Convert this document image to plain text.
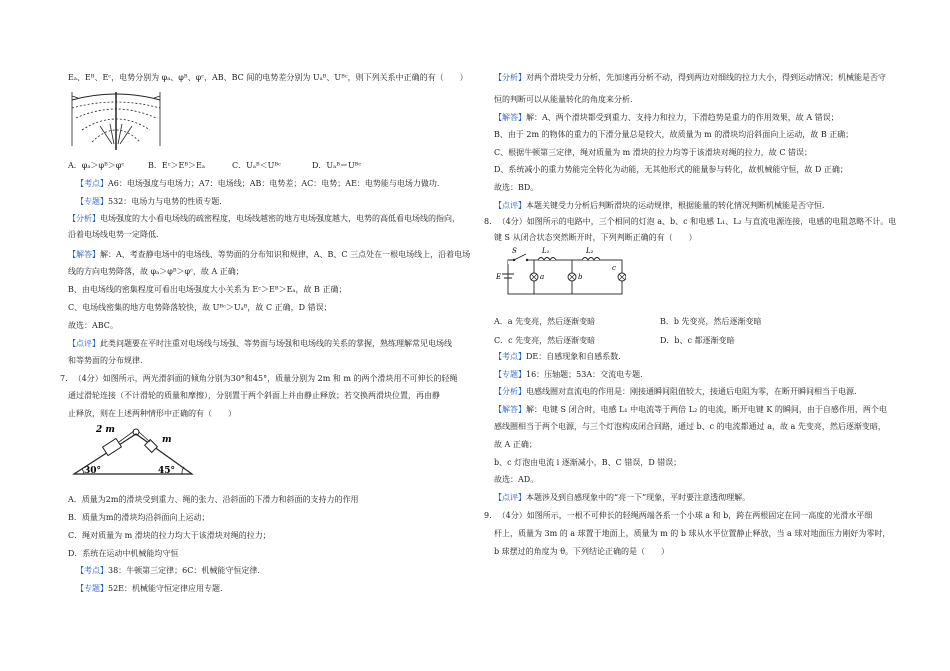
Eₐ、Eᴮ、Eᶜ，电势分别为 φₐ、φᴮ、φᶜ，AB、BC 间的电势差分别为 Uₐᴮ、Uᴮᶜ，则下列关系中正确的有（　　）
A．φₐ＞φᴮ＞φᶜ	B．Eᶜ＞Eᴮ＞Eₐ	C．Uₐᴮ＜Uᴮᶜ	D．Uₐᴮ＝Uᴮᶜ
【考点】A6：电场强度与电场力；A7：电场线；AB：电势差；AC：电势；AE：电势能与电场力做功.
【专题】532：电场力与电势的性质专题.
【分析】电场强度的大小看电场线的疏密程度，电场线越密的地方电场强度越大，电势的高低看电场线的指向，
沿着电场线电势一定降低.
【解答】解：A、考查静电场中的电场线、等势面的分布知识和规律，A、B、C 三点处在一根电场线上，沿着电场
线的方向电势降落，故 φₐ＞φᴮ＞φᶜ，故 A 正确；
B、由电场线的密集程度可看出电场强度大小关系为 Eᶜ＞Eᴮ＞Eₐ，故 B 正确；
C、电场线密集的地方电势降落较快，故 Uᴮᶜ＞Uₐᴮ，故 C 正确，D 错误；
故选：ABC。
【点评】此类问题要在平时注重对电场线与场强、等势面与场强和电场线的关系的掌握，熟练理解常见电场线
和等势面的分布规律.
7. （4分）如图所示，两光滑斜面的倾角分别为30°和45°，质量分别为 2m 和 m 的两个滑块用不可伸长的轻绳
通过滑轮连接（不计滑轮的质量和摩擦），分别置于两个斜面上并由静止释放；若交换两滑块位置，再由静
止释放，则在上述两种情形中正确的有（　　）
2 m
m
30°	45°
A．质量为2m的滑块受到重力、绳的张力、沿斜面的下滑力和斜面的支持力的作用
B．质量为m的滑块均沿斜面向上运动；
C．绳对质量为 m 滑块的拉力均大于该滑块对绳的拉力；
D．系统在运动中机械能均守恒
【考点】38：牛顿第三定律；6C：机械能守恒定律.
【专题】52E：机械能守恒定律应用专题.
【分析】对两个滑块受力分析，先加速再分析不动，得到两边对细线的拉力大小，得到运动情况；机械能是否守
恒的判断可以从能量转化的角度来分析.
【解答】解：A、两个滑块都受到重力、支持力和拉力，下滑趋势是重力的作用效果，故 A 错误；
B、由于 2m 的物体的重力的下滑分量总是较大，故质量为 m 的滑块均沿斜面向上运动，故 B 正确；
C、根据牛顿第三定律，绳对质量为 m 滑块的拉力均等于该滑块对绳的拉力，故 C 错误；
D、系统减小的重力势能完全转化为动能，无其他形式的能量参与转化，故机械能守恒，故 D 正确；
故选：BD。
【点评】本题关键受力分析后判断滑块的运动规律，根据能量的转化情况判断机械能是否守恒.
8. （4分）如图所示的电路中，三个相同的灯泡 a、b、c 和电感 L₁、L₂ 与直流电源连接，电感的电阻忽略不计。电
键 S 从闭合状态突然断开时，下列判断正确的有（　　）
S
E
L₁	L₂
a	b
c
A．a 先变亮，然后逐渐变暗	B．b 先变亮，然后逐渐变暗
C．c 先变亮，然后逐渐变暗	D．b、c 都逐渐变暗
【考点】DE：自感现象和自感系数.
【专题】16：压轴题；53A：交流电专题.
【分析】电感线圈对直流电的作用是：刚接通瞬间阻值较大，接通后电阻为零，在断开瞬间相当于电源.
【解答】解：电键 S 闭合时，电感 L₁ 中电流等于两倍 L₂ 的电流，断开电键 K 的瞬间，由于自感作用，两个电
感线圈相当于两个电源，与三个灯泡构成闭合回路，通过 b、c 的电流都通过 a，故 a 先变亮，然后逐渐变暗，
故 A 正确；
b、c 灯泡由电流 i 逐渐减小，B、C 错误，D 错误；
故选：AD。
【点评】本题涉及到自感现象中的“亮一下”现象，平时要注意透彻理解。
9. （4分）如图所示，一根不可伸长的轻绳两端各系一个小球 a 和 b，跨在两根固定在同一高度的光滑水平细
杆上，质量为 3m 的 a 球置于地面上，质量为 m 的 b 球从水平位置静止释放，当 a 球对地面压力刚好为零时，
b 球摆过的角度为 θ。下列结论正确的是（　　）
